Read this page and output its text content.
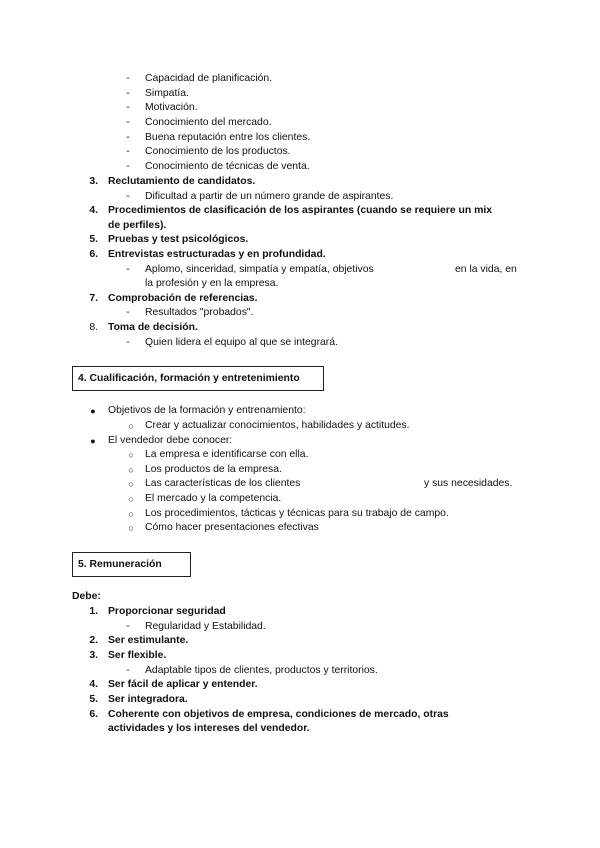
-	Capacidad de planificación.
-	Simpatía.
-	Motivación.
-	Conocimiento del mercado.
-	Buena reputación entre los clientes.
-	Conocimiento de los productos.
-	Conocimiento de técnicas de venta.
3. Reclutamiento de candidatos.
-	Dificultad a partir de un número grande de aspirantes.
4. Procedimientos de clasificación de los aspirantes (cuando se requiere un mix
de perfiles).
5. Pruebas y test psicológicos.
6. Entrevistas estructuradas y en profundidad.
-	Aplomo, sinceridad, simpatía y empatía, objetivos	en la vida, en
la profesión y en la empresa.
7. Comprobación de referencias.
-	Resultados "probados".
8. Toma de decisión.
-	Quien lidera el equipo al que se integrará.
4. Cualificación, formación y entretenimiento
● Objetivos de la formación y entrenamiento:
○ Crear y actualizar conocimientos, habilidades y actitudes.
● El vendedor debe conocer:
○ La empresa e identificarse con ella.
○ Los productos de la empresa.
○ Las características de los clientes	y sus necesidades.
○ El mercado y la competencia.
○ Los procedimientos, tácticas y técnicas para su trabajo de campo.
○ Cómo hacer presentaciones efectivas
5. Remuneración
Debe:
1. Proporcionar seguridad
-	Regularidad y Estabilidad.
2. Ser estimulante.
3. Ser flexible.
-	Adaptable tipos de clientes, productos y territorios.
4. Ser fácil de aplicar y entender.
5. Ser integradora.
6. Coherente con objetivos de empresa, condiciones de mercado, otras
actividades y los intereses del vendedor.
